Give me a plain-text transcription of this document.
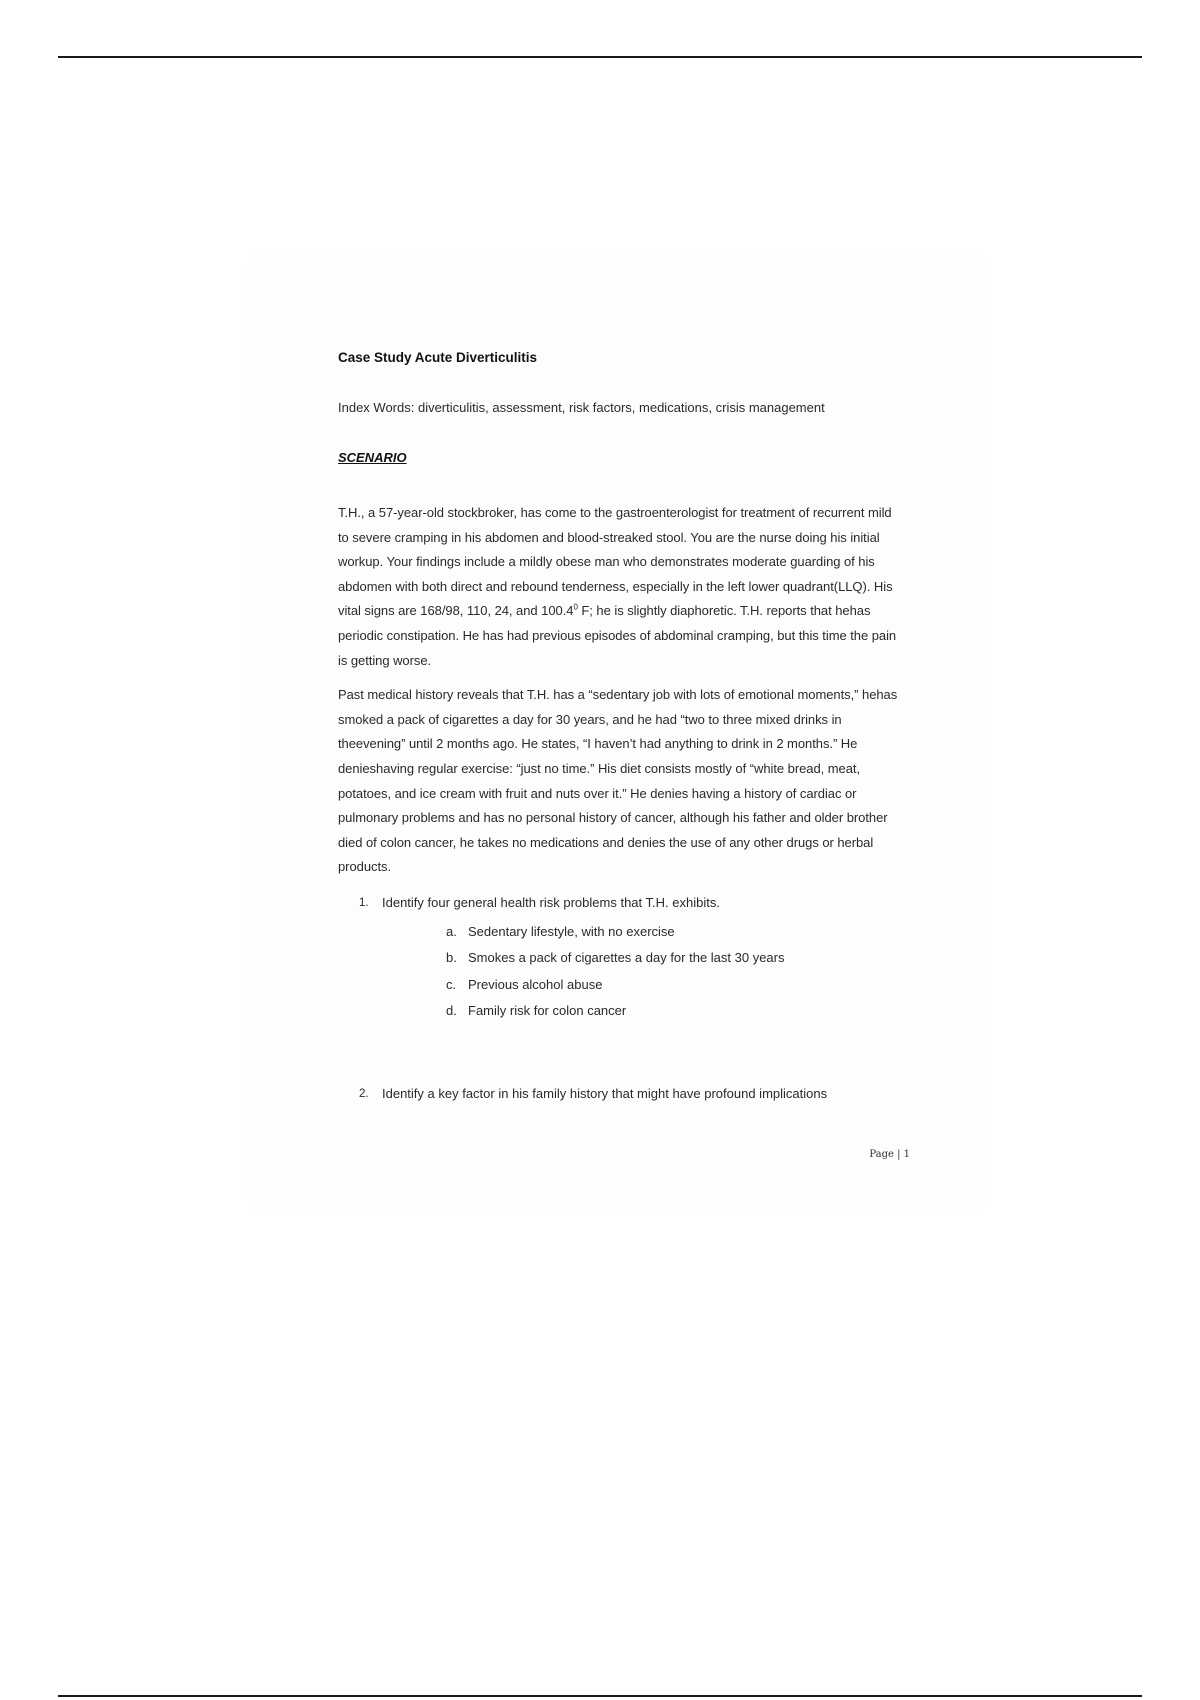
Case Study Acute Diverticulitis

Index Words: diverticulitis, assessment, risk factors, medications, crisis management

SCENARIO

T.H., a 57-year-old stockbroker, has come to the gastroenterologist for treatment of recurrent mild to severe cramping in his abdomen and blood-streaked stool. You are the nurse doing his initial workup. Your findings include a mildly obese man who demonstrates moderate guarding of his abdomen with both direct and rebound tenderness, especially in the left lower quadrant(LLQ). His vital signs are 168/98, 110, 24, and 100.4$^0$ F; he is slightly diaphoretic. T.H. reports that hehas periodic constipation. He has had previous episodes of abdominal cramping, but this time the pain is getting worse.

Past medical history reveals that T.H. has a “sedentary job with lots of emotional moments,” hehas smoked a pack of cigarettes a day for 30 years, and he had “two to three mixed drinks in theevening” until 2 months ago. He states, “I haven’t had anything to drink in 2 months.” He denieshaving regular exercise: “just no time.” His diet consists mostly of “white bread, meat, potatoes, and ice cream with fruit and nuts over it.” He denies having a history of cardiac or pulmonary problems and has no personal history of cancer, although his father and older brother died of colon cancer, he takes no medications and denies the use of any other drugs or herbal products.

1. Identify four general health risk problems that T.H. exhibits.
a. Sedentary lifestyle, with no exercise
b. Smokes a pack of cigarettes a day for the last 30 years
c. Previous alcohol abuse
d. Family risk for colon cancer
2. Identify a key factor in his family history that might have profound implications
Page | 1
